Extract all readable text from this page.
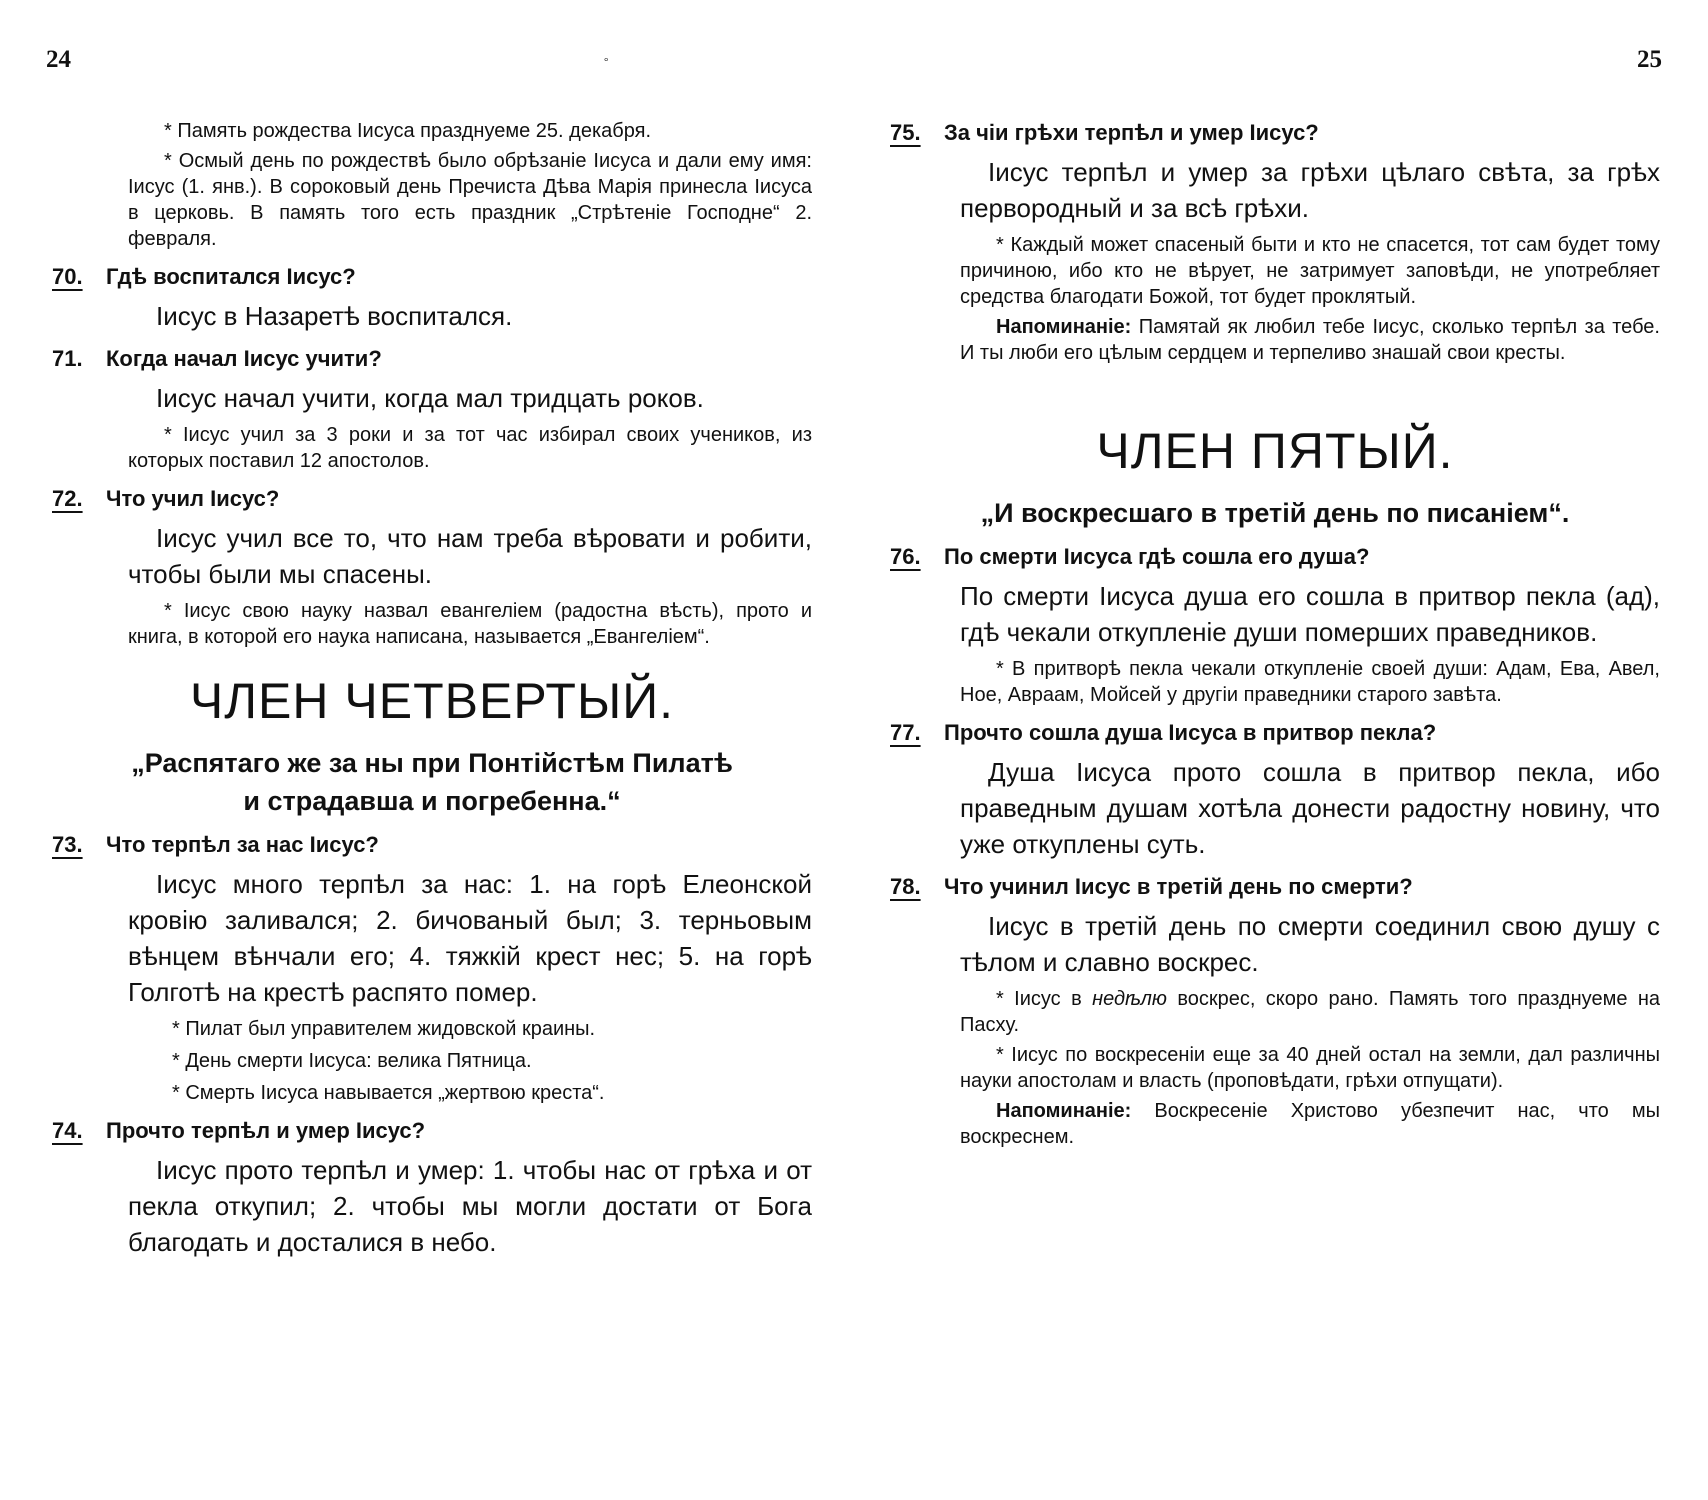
24	°

* Память рождества Іисуса празднуеме 25. декабря.

* Осмый день по рождествѣ было обрѣзаніе Іисуса и дали ему имя: Іисус (1. янв.). В сороковый день Пречиста Дѣва Марія принесла Іисуса в церковь. В память того есть праздник „Стрѣтеніе Господне“ 2. февраля.

70.	Гдѣ воспитался Іисус?

Іисус в Назаретѣ воспитался.

71.	Когда начал Іисус учити?

Іисус начал учити, когда мал тридцать роков.

* Іисус учил за 3 роки и за тот час избирал своих учеников, из которых поставил 12 апостолов.

72.	Что учил Іисус?

Іисус учил все то, что нам треба вѣровати и робити, чтобы были мы спасены.

* Іисус свою науку назвал евангеліем (радостна вѣсть), прото и книга, в которой его наука написана, называется „Евангеліем“.

ЧЛЕН ЧЕТВЕРТЫЙ.
„Распятаго же за ны при Понтійстѣм Пилатѣ
и страдавша и погребенна.“
73.	Что терпѣл за нас Іисус?

Іисус много терпѣл за нас: 1. на горѣ Елеонской кровію заливался; 2. бичованый был; 3. терньовым вѣнцем вѣнчали его; 4. тяжкій крест нес; 5. на горѣ Голготѣ на крестѣ распято помер.

* Пилат был управителем жидовской краины.

* День смерти Іисуса: велика Пятница.

* Смерть Іисуса навывается „жертвою креста“.

74.	Прочто терпѣл и умер Іисус?

Іисус прото терпѣл и умер: 1. чтобы нас от грѣха и от пекла откупил; 2. чтобы мы могли достати от Бога благодать и досталися в небо.

25
75.	За чіи грѣхи терпѣл и умер Іисус?

Іисус терпѣл и умер за грѣхи цѣлаго свѣта, за грѣх первородный и за всѣ грѣхи.

* Каждый может спасеный быти и кто не спасется, тот сам будет тому причиною, ибо кто не вѣрует, не затримует заповѣди, не употребляет средства благодати Божой, тот будет проклятый.

Напоминаніе: Памятай як любил тебе Іисус, сколько терпѣл за тебе. И ты люби его цѣлым сердцем и терпеливо знашай свои кресты.

ЧЛЕН ПЯТЫЙ.
„И воскресшаго в третій день по писаніем“.
76.	По смерти Іисуса гдѣ сошла его душа?

По смерти Іисуса душа его сошла в притвор пекла (ад), гдѣ чекали откупленіе души померших праведников.

* В притворѣ пекла чекали откупленіе своей души: Адам, Ева, Авел, Ное, Авраам, Мойсей у другіи праведники старого завѣта.

77.	Прочто сошла душа Іисуса в притвор пекла?

Душа Іисуса прото сошла в притвор пекла, ибо праведным душам хотѣла донести радостну новину, что уже откуплены суть.

78.	Что учинил Іисус в третій день по смерти?

Іисус в третій день по смерти соединил свою душу с тѣлом и славно воскрес.

* Іисус в недѣлю воскрес, скоро рано. Память того празднуеме на Пасху.

* Іисус по воскресеніи еще за 40 дней остал на земли, дал различны науки апостолам и власть (проповѣдати, грѣхи отпущати).

Напоминаніе: Воскресеніе Христово убезпечит нас, что мы воскреснем.
